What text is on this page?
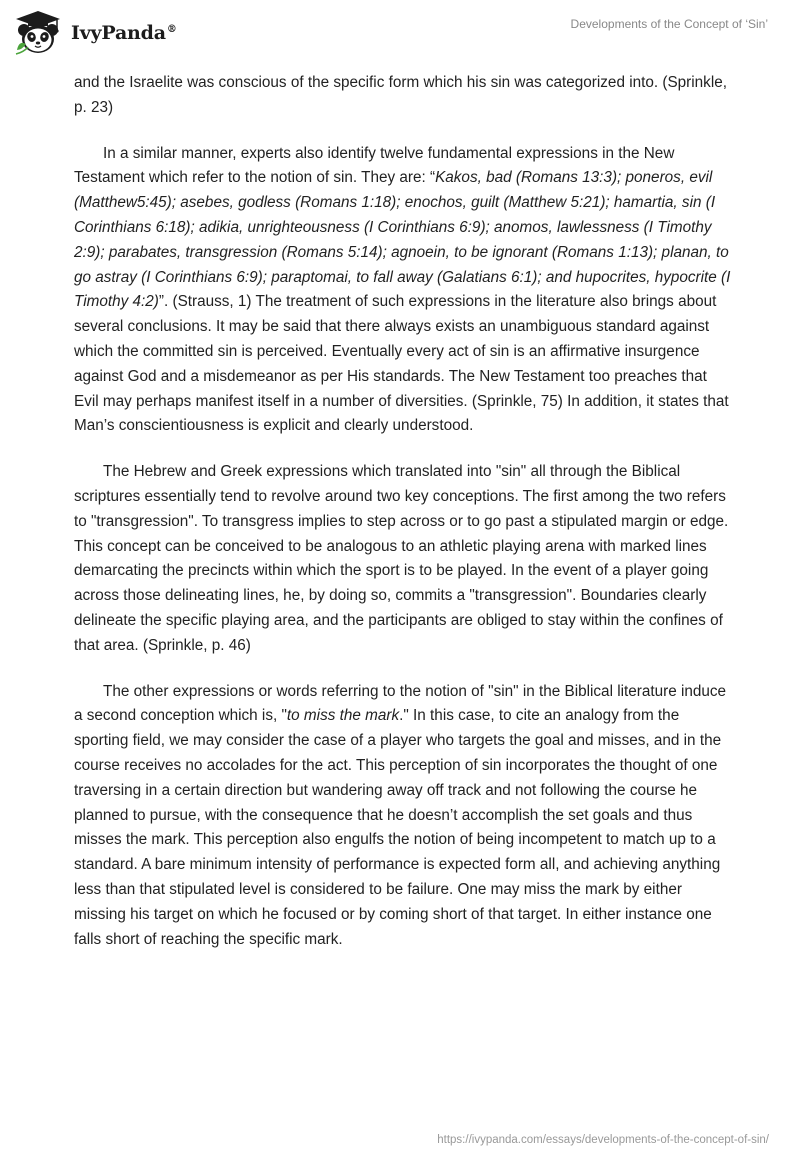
IvyPanda®	Developments of the Concept of ‘Sin’

and the Israelite was conscious of the specific form which his sin was categorized into. (Sprinkle, p. 23)

In a similar manner, experts also identify twelve fundamental expressions in the New Testament which refer to the notion of sin. They are: “Kakos, bad (Romans 13:3); poneros, evil (Matthew5:45); asebes, godless (Romans 1:18); enochos, guilt (Matthew 5:21); hamartia, sin (I Corinthians 6:18); adikia, unrighteousness (I Corinthians 6:9); anomos, lawlessness (I Timothy 2:9); parabates, transgression (Romans 5:14); agnoein, to be ignorant (Romans 1:13); planan, to go astray (I Corinthians 6:9); paraptomai, to fall away (Galatians 6:1); and hupocrites, hypocrite (I Timothy 4:2)”. (Strauss, 1) The treatment of such expressions in the literature also brings about several conclusions. It may be said that there always exists an unambiguous standard against which the committed sin is perceived. Eventually every act of sin is an affirmative insurgence against God and a misdemeanor as per His standards. The New Testament too preaches that Evil may perhaps manifest itself in a number of diversities. (Sprinkle, 75) In addition, it states that Man’s conscientiousness is explicit and clearly understood.

The Hebrew and Greek expressions which translated into "sin" all through the Biblical scriptures essentially tend to revolve around two key conceptions. The first among the two refers to "transgression". To transgress implies to step across or to go past a stipulated margin or edge. This concept can be conceived to be analogous to an athletic playing arena with marked lines demarcating the precincts within which the sport is to be played. In the event of a player going across those delineating lines, he, by doing so, commits a "transgression". Boundaries clearly delineate the specific playing area, and the participants are obliged to stay within the confines of that area. (Sprinkle, p. 46)

The other expressions or words referring to the notion of "sin" in the Biblical literature induce a second conception which is, "to miss the mark." In this case, to cite an analogy from the sporting field, we may consider the case of a player who targets the goal and misses, and in the course receives no accolades for the act. This perception of sin incorporates the thought of one traversing in a certain direction but wandering away off track and not following the course he planned to pursue, with the consequence that he doesn’t accomplish the set goals and thus misses the mark. This perception also engulfs the notion of being incompetent to match up to a standard. A bare minimum intensity of performance is expected form all, and achieving anything less than that stipulated level is considered to be failure. One may miss the mark by either missing his target on which he focused or by coming short of that target. In either instance one falls short of reaching the specific mark.

https://ivypanda.com/essays/developments-of-the-concept-of-sin/
